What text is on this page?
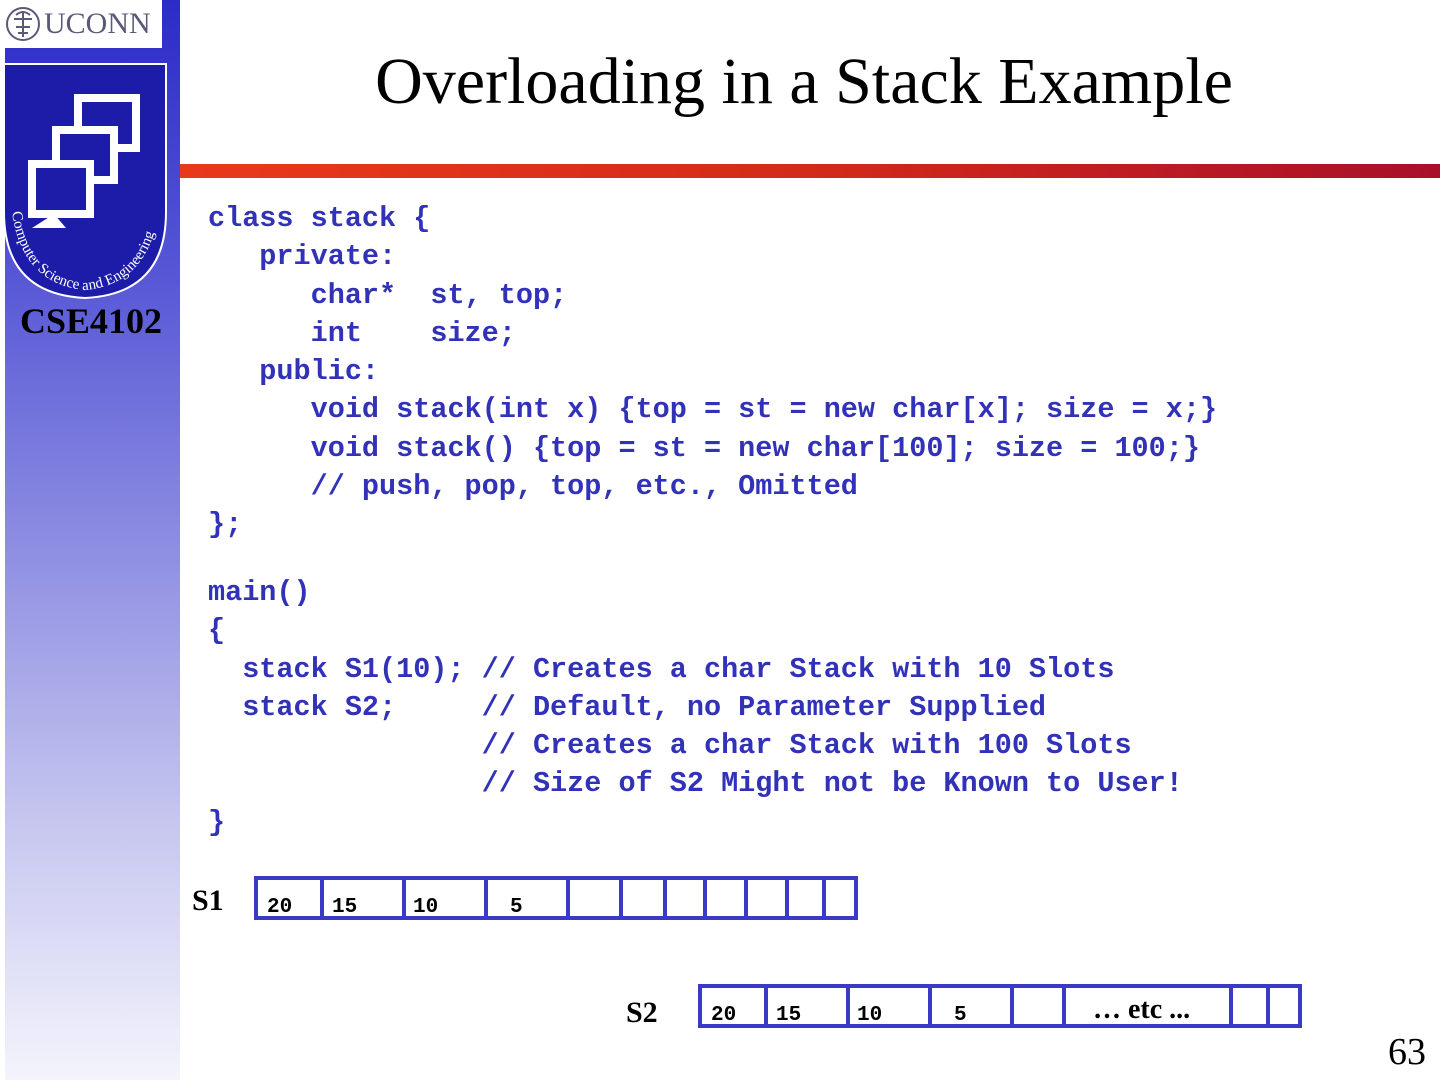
UCONN
Computer Science and Engineering
CSE4102
Overloading in a Stack Example
class stack {
private:
char*  st, top;
int    size;
public:
void stack(int x) {top = st = new char[x]; size = x;}
void stack() {top = st = new char[100]; size = 100;}
// push, pop, top, etc., Omitted
};
main()
{
stack S1(10); // Creates a char Stack with 10 Slots
stack S2;     // Default, no Parameter Supplied
// Creates a char Stack with 100 Slots
// Size of S2 Might not be Known to User!
}
S1 20 15	10	5
S2	20 15	10	5	… etc ...
63
